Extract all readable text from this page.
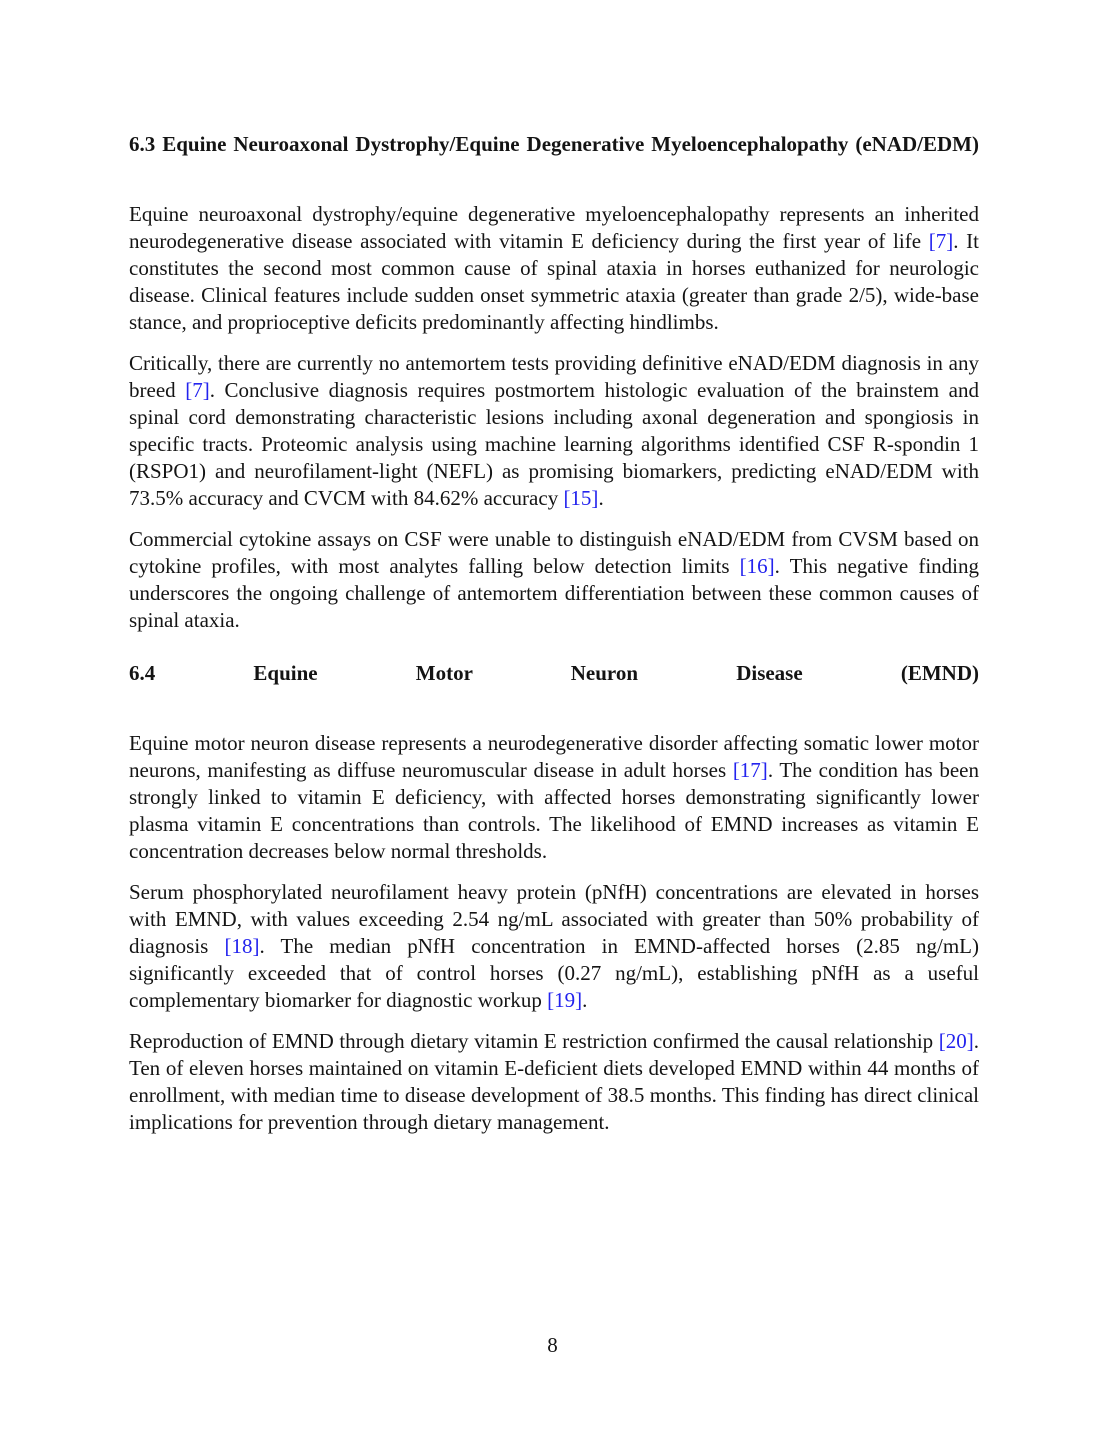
6.3 Equine Neuroaxonal Dystrophy/Equine Degenerative Myeloencephalopathy (eNAD/EDM)

Equine neuroaxonal dystrophy/equine degenerative myeloencephalopathy represents an inherited neurodegenerative disease associated with vitamin E deficiency during the first year of life [7]. It constitutes the second most common cause of spinal ataxia in horses euthanized for neurologic disease. Clinical features include sudden onset symmetric ataxia (greater than grade 2/5), wide-base stance, and proprioceptive deficits predominantly affecting hindlimbs.

Critically, there are currently no antemortem tests providing definitive eNAD/EDM diagnosis in any breed [7]. Conclusive diagnosis requires postmortem histologic evaluation of the brainstem and spinal cord demonstrating characteristic lesions including axonal degeneration and spongiosis in specific tracts. Proteomic analysis using machine learning algorithms identified CSF R-spondin 1 (RSPO1) and neurofilament-light (NEFL) as promising biomarkers, predicting eNAD/EDM with 73.5% accuracy and CVCM with 84.62% accuracy [15].

Commercial cytokine assays on CSF were unable to distinguish eNAD/EDM from CVSM based on cytokine profiles, with most analytes falling below detection limits [16]. This negative finding underscores the ongoing challenge of antemortem differentiation between these common causes of spinal ataxia.

6.4 Equine Motor Neuron Disease (EMND)

Equine motor neuron disease represents a neurodegenerative disorder affecting somatic lower motor neurons, manifesting as diffuse neuromuscular disease in adult horses [17]. The condition has been strongly linked to vitamin E deficiency, with affected horses demonstrating significantly lower plasma vitamin E concentrations than controls. The likelihood of EMND increases as vitamin E concentration decreases below normal thresholds.

Serum phosphorylated neurofilament heavy protein (pNfH) concentrations are elevated in horses with EMND, with values exceeding 2.54 ng/mL associated with greater than 50% probability of diagnosis [18]. The median pNfH concentration in EMND-affected horses (2.85 ng/mL) significantly exceeded that of control horses (0.27 ng/mL), establishing pNfH as a useful complementary biomarker for diagnostic workup [19].

Reproduction of EMND through dietary vitamin E restriction confirmed the causal relationship [20]. Ten of eleven horses maintained on vitamin E-deficient diets developed EMND within 44 months of enrollment, with median time to disease development of 38.5 months. This finding has direct clinical implications for prevention through dietary management.

8
